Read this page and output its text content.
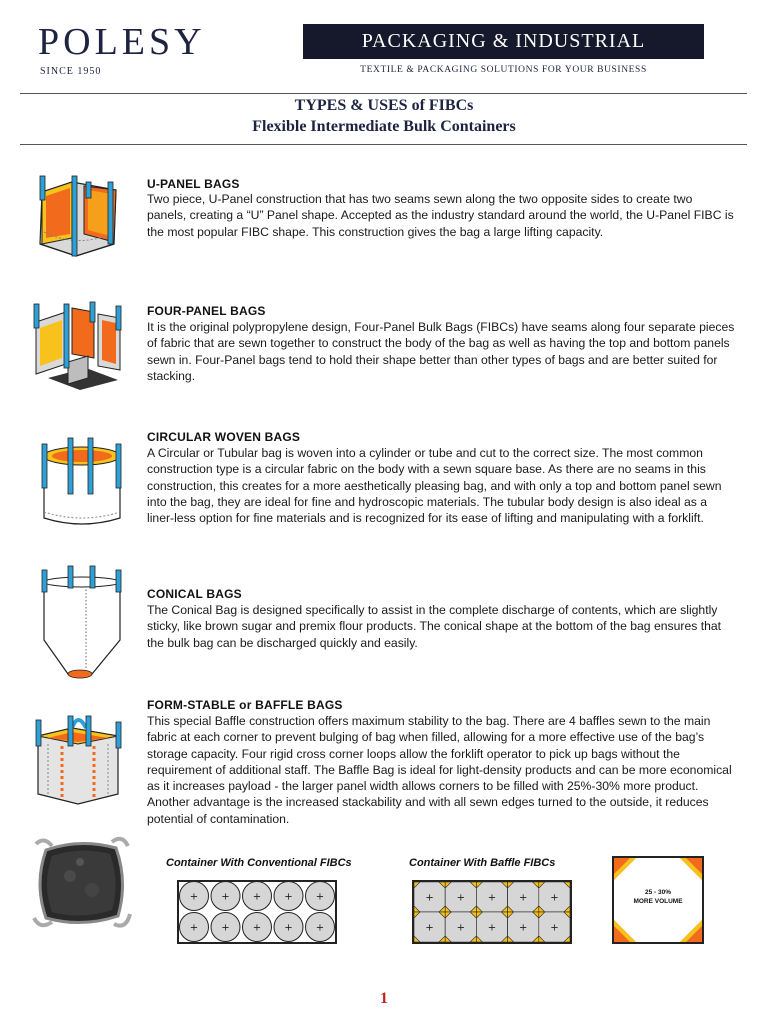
POLESY
SINCE 1950
PACKAGING & INDUSTRIAL
TEXTILE & PACKAGING SOLUTIONS FOR YOUR BUSINESS
TYPES & USES of FIBCs
Flexible Intermediate Bulk Containers
U-PANEL BAGS
Two piece, U-Panel construction that has two seams sewn along the two opposite sides to create two panels, creating a “U” Panel shape. Accepted as the industry standard around the world, the U-Panel FIBC is the most popular FIBC shape. This construction gives the bag a large lifting capacity.
FOUR-PANEL BAGS
It is the original polypropylene design, Four-Panel Bulk Bags (FIBCs) have seams along four separate pieces of fabric that are sewn together to construct the body of the bag as well as having the top and bottom panels sewn in. Four-Panel bags tend to hold their shape better than other types of bags and are better suited for stacking.
CIRCULAR WOVEN BAGS
A Circular or Tubular bag is woven into a cylinder or tube and cut to the correct size. The most common construction type is a circular fabric on the body with a sewn square base. As there are no seams in this construction, this creates for a more aesthetically pleasing bag, and with only a top and bottom panel sewn into the bag, they are ideal for fine and hydroscopic materials. The tubular body design is also ideal as a liner-less option for fine materials and is recognized for its ease of lifting and manipulating with a forklift.
CONICAL BAGS
The Conical Bag is designed specifically to assist in the complete discharge of contents, which are slightly sticky, like brown sugar and premix flour products. The conical shape at the bottom of the bag ensures that the bulk bag can be discharged quickly and easily.
FORM-STABLE or BAFFLE BAGS
This special Baffle construction offers maximum stability to the bag. There are 4 baffles sewn to the main fabric at each corner to prevent bulging of bag when filled, allowing for a more effective use of the bag’s storage capacity. Four rigid cross corner loops allow the forklift operator to pick up bags without the requirement of additional staff. The Baffle Bag is ideal for light-density products and can be more economical as it increases payload - the larger panel width allows corners to be filled with 25%-30% more product. Another advantage is the increased stackability and with all sewn edges turned to the outside, it reduces potential of contamination.
Container With Conventional FIBCs	Container With Baffle FIBCs
+ + + + +
+ + + + +
+ + + + +
+ + + + +
25 - 30%
MORE VOLUME
1
